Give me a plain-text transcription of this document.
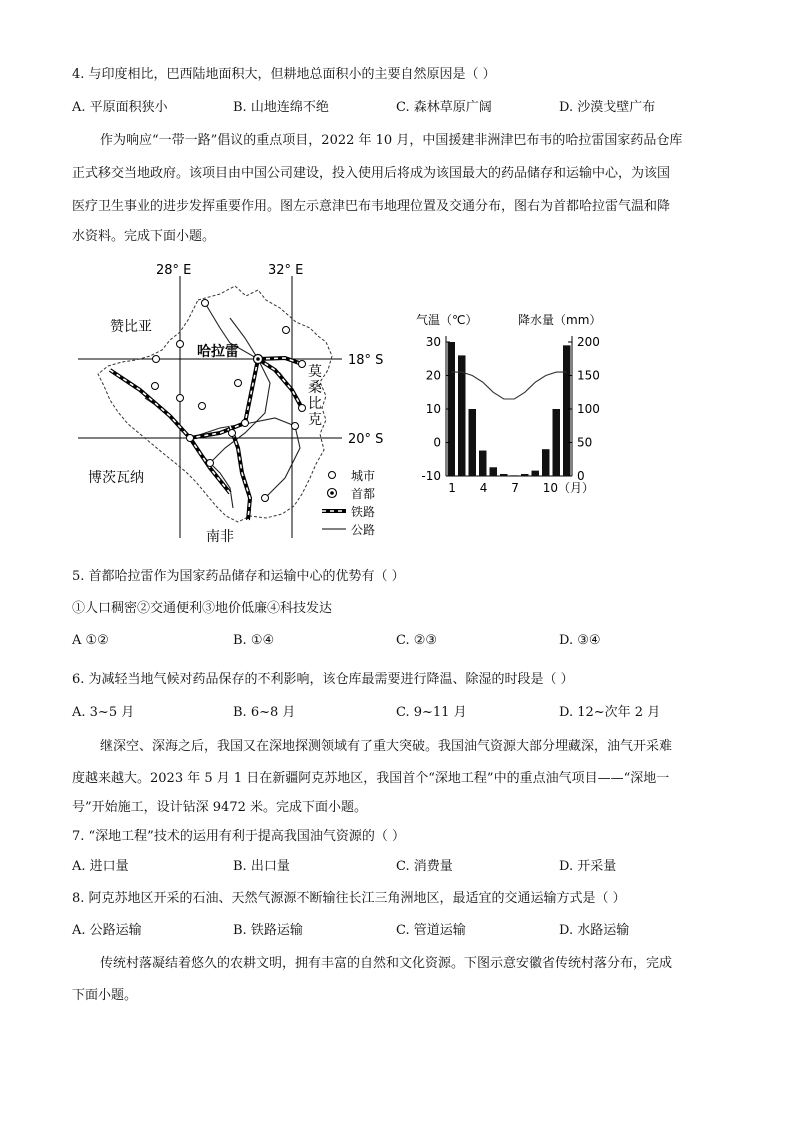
4. 与印度相比，巴西陆地面积大，但耕地总面积小的主要自然原因是（ ）
A. 平原面积狭小	B. 山地连绵不绝	C. 森林草原广阔	D. 沙漠戈壁广布
作为响应“一带一路”倡议的重点项目，2022 年 10 月，中国援建非洲津巴布韦的哈拉雷国家药品仓库
正式移交当地政府。该项目由中国公司建设，投入使用后将成为该国最大的药品储存和运输中心，为该国
医疗卫生事业的进步发挥重要作用。图左示意津巴布韦地理位置及交通分布，图右为首都哈拉雷气温和降
水资料。完成下面小题。
28° E	32° E
18° S
20° S
赞比亚
哈拉雷
莫
桑
比
克
博茨瓦纳
南非
城市
首都
铁路
公路
气温（℃）	降水量（mm）
30
20
10
0
-10
200
150
100
50
0
1 4 7 10（月）
5. 首都哈拉雷作为国家药品储存和运输中心的优势有（ ）
①人口稠密②交通便利③地价低廉④科技发达
A ①②	B. ①④	C. ②③	D. ③④
6. 为减轻当地气候对药品保存的不利影响，该仓库最需要进行降温、除湿的时段是（ ）
A. 3~5 月	B. 6~8 月	C. 9~11 月	D. 12~次年 2 月
继深空、深海之后，我国又在深地探测领域有了重大突破。我国油气资源大部分埋藏深，油气开采难
度越来越大。2023 年 5 月 1 日在新疆阿克苏地区，我国首个“深地工程”中的重点油气项目——“深地一
号”开始施工，设计钻深 9472 米。完成下面小题。
7. “深地工程”技术的运用有利于提高我国油气资源的（ ）
A. 进口量	B. 出口量	C. 消费量	D. 开采量
8. 阿克苏地区开采的石油、天然气源源不断输往长江三角洲地区，最适宜的交通运输方式是（ ）
A. 公路运输	B. 铁路运输	C. 管道运输	D. 水路运输
传统村落凝结着悠久的农耕文明，拥有丰富的自然和文化资源。下图示意安徽省传统村落分布，完成
下面小题。
